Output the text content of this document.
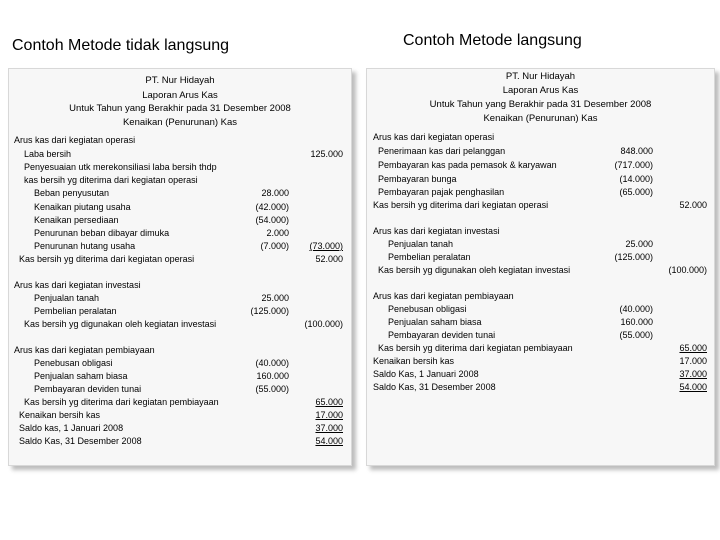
Contoh Metode tidak langsung	Contoh Metode langsung
PT. Nur Hidayah
Laporan Arus Kas
Untuk Tahun yang Berakhir pada 31 Desember 2008
Kenaikan (Penurunan) Kas
Arus kas dari kegiatan operasi
Laba bersih
Penyesuaian utk merekonsiliasi laba bersih thdp
kas bersih yg diterima dari kegiatan operasi
Beban penyusutan
Kenaikan piutang usaha
Kenaikan persediaan
Penurunan beban dibayar dimuka
Penurunan hutang usaha
Kas bersih yg diterima dari kegiatan operasi
Arus kas dari kegiatan investasi
Penjualan tanah
Pembelian peralatan
Kas bersih yg digunakan oleh kegiatan investasi
Arus kas dari kegiatan pembiayaan
Penebusan obligasi
Penjualan saham biasa
Pembayaran deviden tunai
Kas bersih yg diterima dari kegiatan pembiayaan
Kenaikan bersih kas
Saldo kas, 1 Januari 2008
Saldo Kas, 31 Desember 2008
28.000
(42.000)
(54.000)
2.000
(7.000)
25.000
(125.000)
(40.000)
160.000
(55.000)
125.000
(73.000)
52.000
(100.000)
65.000
17.000
37.000
54.000
PT. Nur Hidayah
Laporan Arus Kas
Untuk Tahun yang Berakhir pada 31 Desember 2008
Kenaikan (Penurunan) Kas
Arus kas dari kegiatan operasi
Penerimaan kas dari pelanggan
Pembayaran kas pada pemasok & karyawan
Pembayaran bunga
Pembayaran pajak penghasilan
Kas bersih yg diterima dari kegiatan operasi
Arus kas dari kegiatan investasi
Penjualan tanah
Pembelian peralatan
Kas bersih yg digunakan oleh kegiatan investasi
Arus kas dari kegiatan pembiayaan
Penebusan obligasi
Penjualan saham biasa
Pembayaran deviden tunai
Kas bersih yg diterima dari kegiatan pembiayaan
Kenaikan bersih kas
Saldo Kas, 1 Januari 2008
Saldo Kas, 31 Desember 2008
848.000
(717.000)
(14.000)
(65.000)
25.000
(125.000)
(40.000)
160.000
(55.000)
52.000
(100.000)
65.000
17.000
37.000
54.000
